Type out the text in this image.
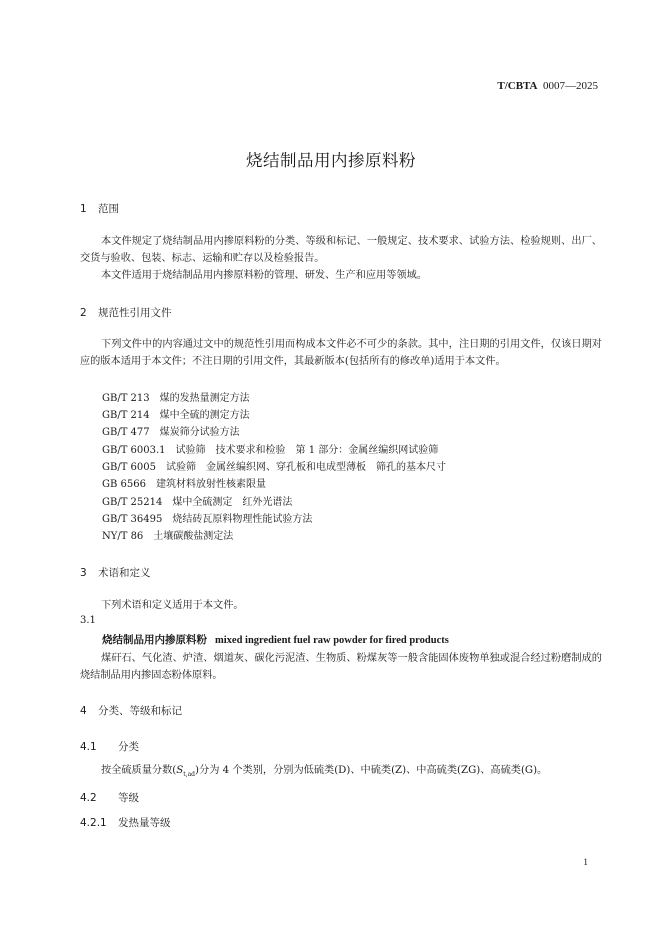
T/CBTA 0007—2025
烧结制品用内掺原料粉
1 范围
本文件规定了烧结制品用内掺原料粉的分类、等级和标记、一般规定、技术要求、试验方法、检验规则、出厂、交货与验收、包装、标志、运输和贮存以及检验报告。
本文件适用于烧结制品用内掺原料粉的管理、研发、生产和应用等领域。
2 规范性引用文件
下列文件中的内容通过文中的规范性引用而构成本文件必不可少的条款。其中，注日期的引用文件，仅该日期对应的版本适用于本文件；不注日期的引用文件，其最新版本(包括所有的修改单)适用于本文件。
GB/T 213　煤的发热量测定方法
GB/T 214　煤中全硫的测定方法
GB/T 477　煤炭筛分试验方法
GB/T 6003.1　试验筛　技术要求和检验　第 1 部分：金属丝编织网试验筛
GB/T 6005　试验筛　金属丝编织网、穿孔板和电成型薄板　筛孔的基本尺寸
GB 6566　建筑材料放射性核素限量
GB/T 25214　煤中全硫测定　红外光谱法
GB/T 36495　烧结砖瓦原料物理性能试验方法
NY/T 86　土壤碳酸盐测定法
3 术语和定义
下列术语和定义适用于本文件。
3.1
烧结制品用内掺原料粉 mixed ingredient fuel raw powder for fired products
煤矸石、气化渣、炉渣、烟道灰、碳化污泥渣、生物质、粉煤灰等一般含能固体废物单独或混合经过粉磨制成的烧结制品用内掺固态粉体原料。
4 分类、等级和标记
4.1 分类
按全硫质量分数$(S_{t,ad})$分为 4 个类别，分别为低硫类(D)、中硫类(Z)、中高硫类(ZG)、高硫类(G)。
4.2 等级
4.2.1 发热量等级
1
